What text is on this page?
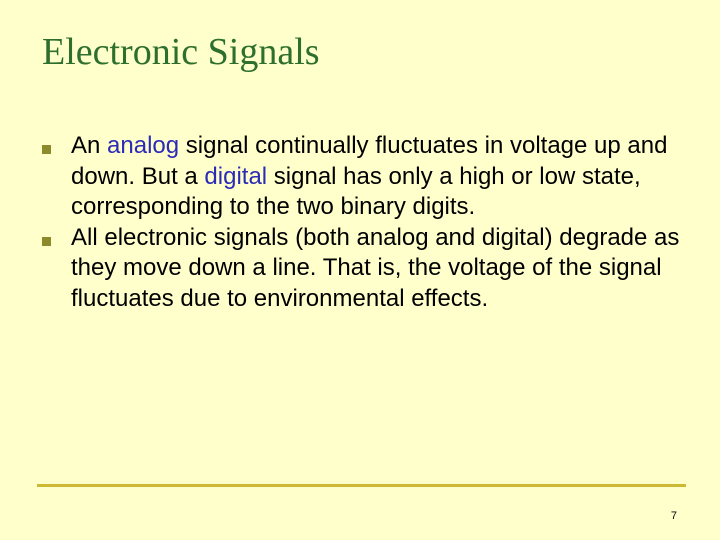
Electronic Signals
An analog signal continually fluctuates in voltage up and down. But a digital signal has only a high or low state, corresponding to the two binary digits.
All electronic signals (both analog and digital) degrade as they move down a line. That is, the voltage of the signal fluctuates due to environmental effects.
7
